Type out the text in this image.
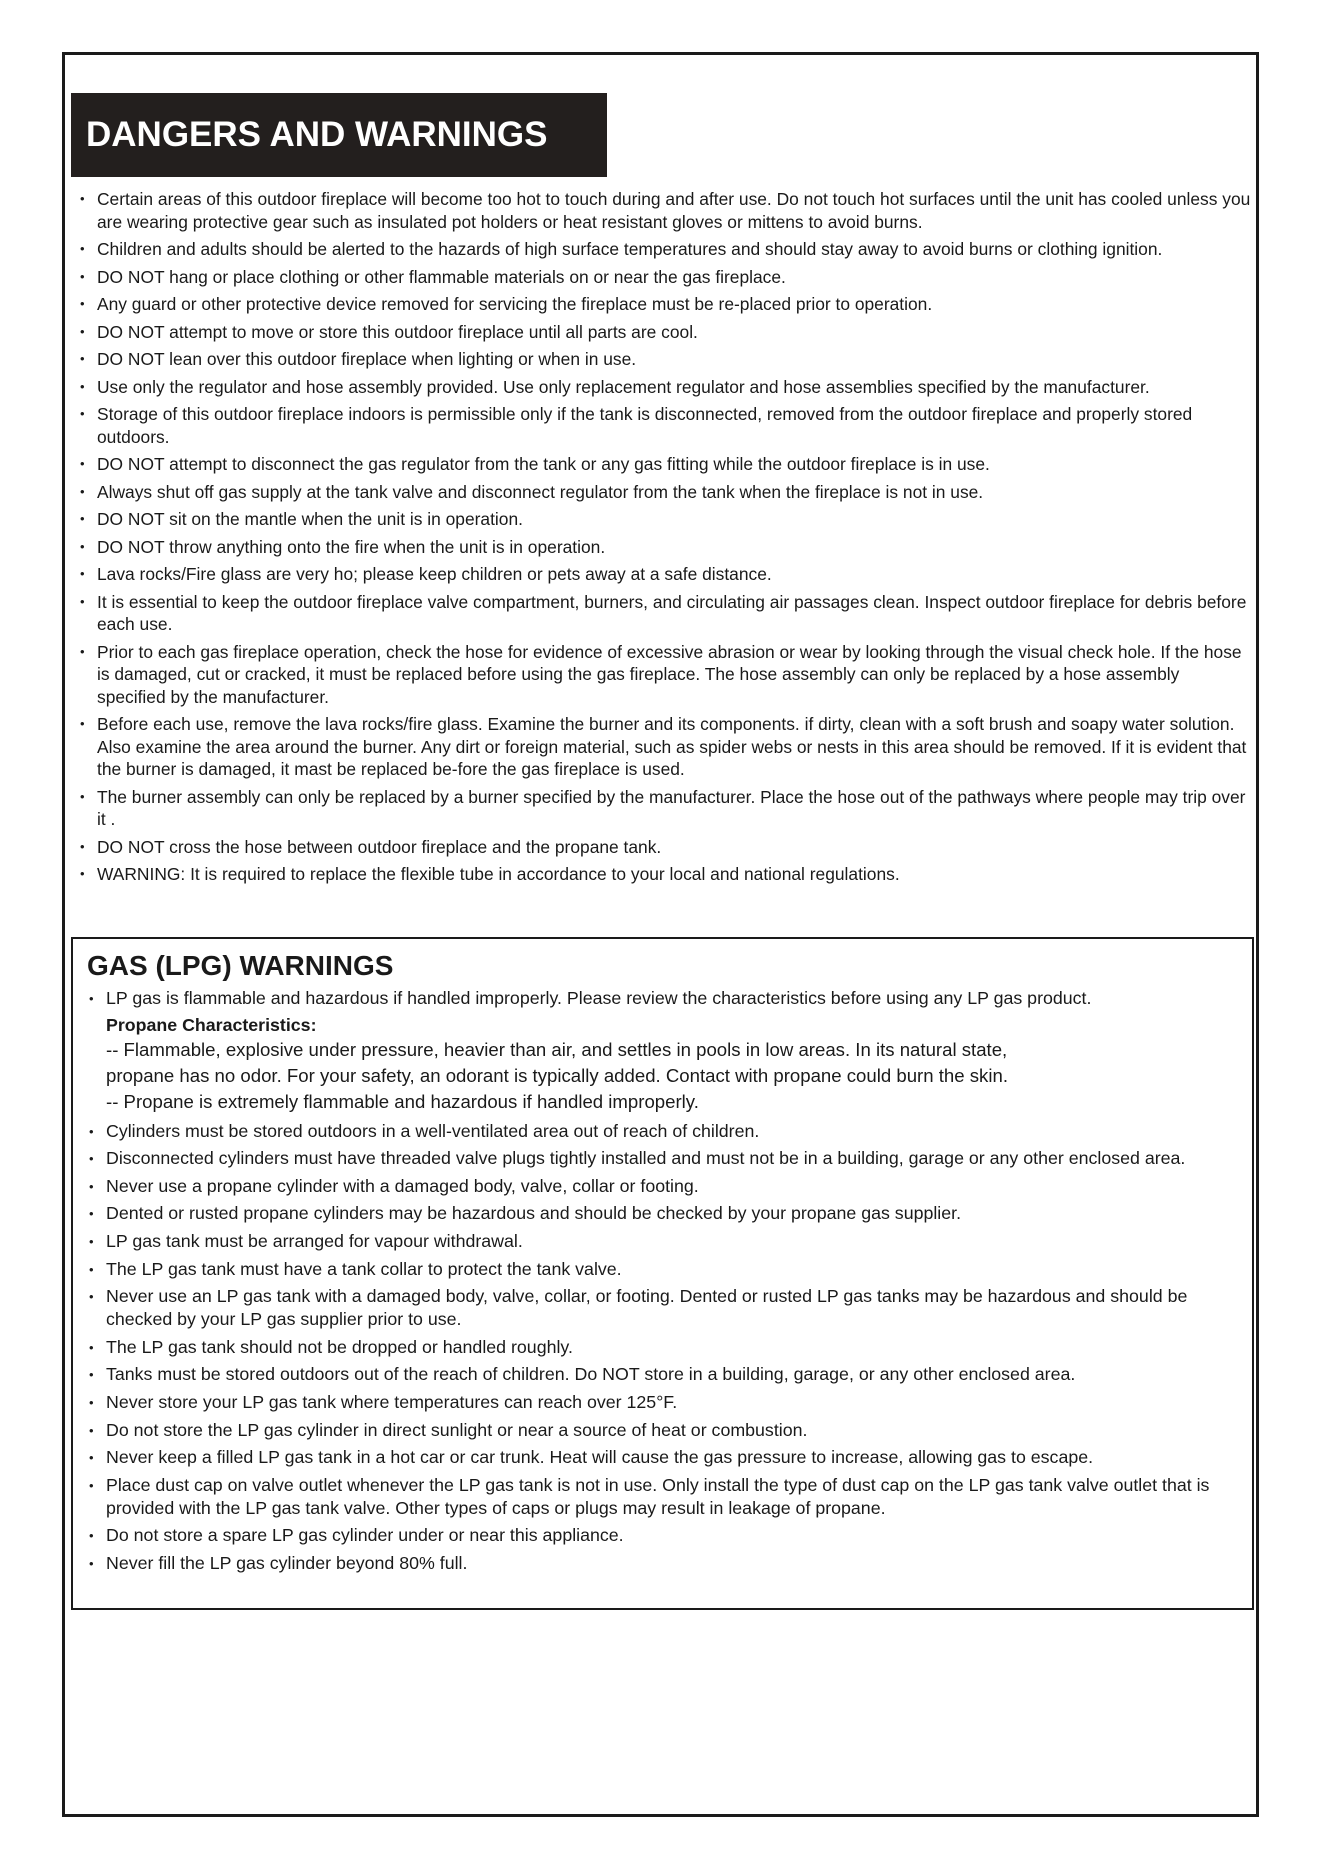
DANGERS AND WARNINGS
• Certain areas of this outdoor fireplace will become too hot to touch during and after use. Do not touch hot surfaces until the unit has cooled unless you are wearing protective gear such as insulated pot holders or heat resistant gloves or mittens to avoid burns.
• Children and adults should be alerted to the hazards of high surface temperatures and should stay away to avoid burns or clothing ignition.
• DO NOT hang or place clothing or other flammable materials on or near the gas fireplace.
• Any guard or other protective device removed for servicing the fireplace must be re-placed prior to operation.
• DO NOT attempt to move or store this outdoor fireplace until all parts are cool.
• DO NOT lean over this outdoor fireplace when lighting or when in use.
• Use only the regulator and hose assembly provided. Use only replacement regulator and hose assemblies specified by the manufacturer.
• Storage of this outdoor fireplace indoors is permissible only if the tank is disconnected, removed from the outdoor fireplace and properly stored outdoors.
• DO NOT attempt to disconnect the gas regulator from the tank or any gas fitting while the outdoor fireplace is in use.
• Always shut off gas supply at the tank valve and disconnect regulator from the tank when the fireplace is not in use.
• DO NOT sit on the mantle when the unit is in operation.
• DO NOT throw anything onto the fire when the unit is in operation.
• Lava rocks/Fire glass are very ho; please keep children or pets away at a safe distance.
• It is essential to keep the outdoor fireplace valve compartment, burners, and circulating air passages clean. Inspect outdoor fireplace for debris before each use.
• Prior to each gas fireplace operation, check the hose for evidence of excessive abrasion or wear by looking through the visual check hole. If the hose is damaged, cut or cracked, it must be replaced before using the gas fireplace. The hose assembly can only be replaced by a hose assembly specified by the manufacturer.
• Before each use, remove the lava rocks/fire glass. Examine the burner and its components. if dirty, clean with a soft brush and soapy water solution. Also examine the area around the burner. Any dirt or foreign material, such as spider webs or nests in this area should be removed. If it is evident that the burner is damaged, it mast be replaced be-fore the gas fireplace is used.
• The burner assembly can only be replaced by a burner specified by the manufacturer. Place the hose out of the pathways where people may trip over it .
• DO NOT cross the hose between outdoor fireplace and the propane tank.
• WARNING: It is required to replace the flexible tube in accordance to your local and national regulations.
GAS (LPG) WARNINGS
• LP gas is flammable and hazardous if handled improperly. Please review the characteristics before using any LP gas product.
Propane Characteristics:
-- Flammable, explosive under pressure, heavier than air, and settles in pools in low areas. In its natural state,
propane has no odor. For your safety, an odorant is typically added. Contact with propane could burn the skin.
-- Propane is extremely flammable and hazardous if handled improperly.
• Cylinders must be stored outdoors in a well-ventilated area out of reach of children.
• Disconnected cylinders must have threaded valve plugs tightly installed and must not be in a building, garage or any other enclosed area.
• Never use a propane cylinder with a damaged body, valve, collar or footing.
• Dented or rusted propane cylinders may be hazardous and should be checked by your propane gas supplier.
• LP gas tank must be arranged for vapour withdrawal.
• The LP gas tank must have a tank collar to protect the tank valve.
• Never use an LP gas tank with a damaged body, valve, collar, or footing. Dented or rusted LP gas tanks may be hazardous and should be checked by your LP gas supplier prior to use.
• The LP gas tank should not be dropped or handled roughly.
• Tanks must be stored outdoors out of the reach of children. Do NOT store in a building, garage, or any other enclosed area.
• Never store your LP gas tank where temperatures can reach over 125°F.
• Do not store the LP gas cylinder in direct sunlight or near a source of heat or combustion.
• Never keep a filled LP gas tank in a hot car or car trunk. Heat will cause the gas pressure to increase, allowing gas to escape.
• Place dust cap on valve outlet whenever the LP gas tank is not in use. Only install the type of dust cap on the LP gas tank valve outlet that is provided with the LP gas tank valve. Other types of caps or plugs may result in leakage of propane.
• Do not store a spare LP gas cylinder under or near this appliance.
• Never fill the LP gas cylinder beyond 80% full.
